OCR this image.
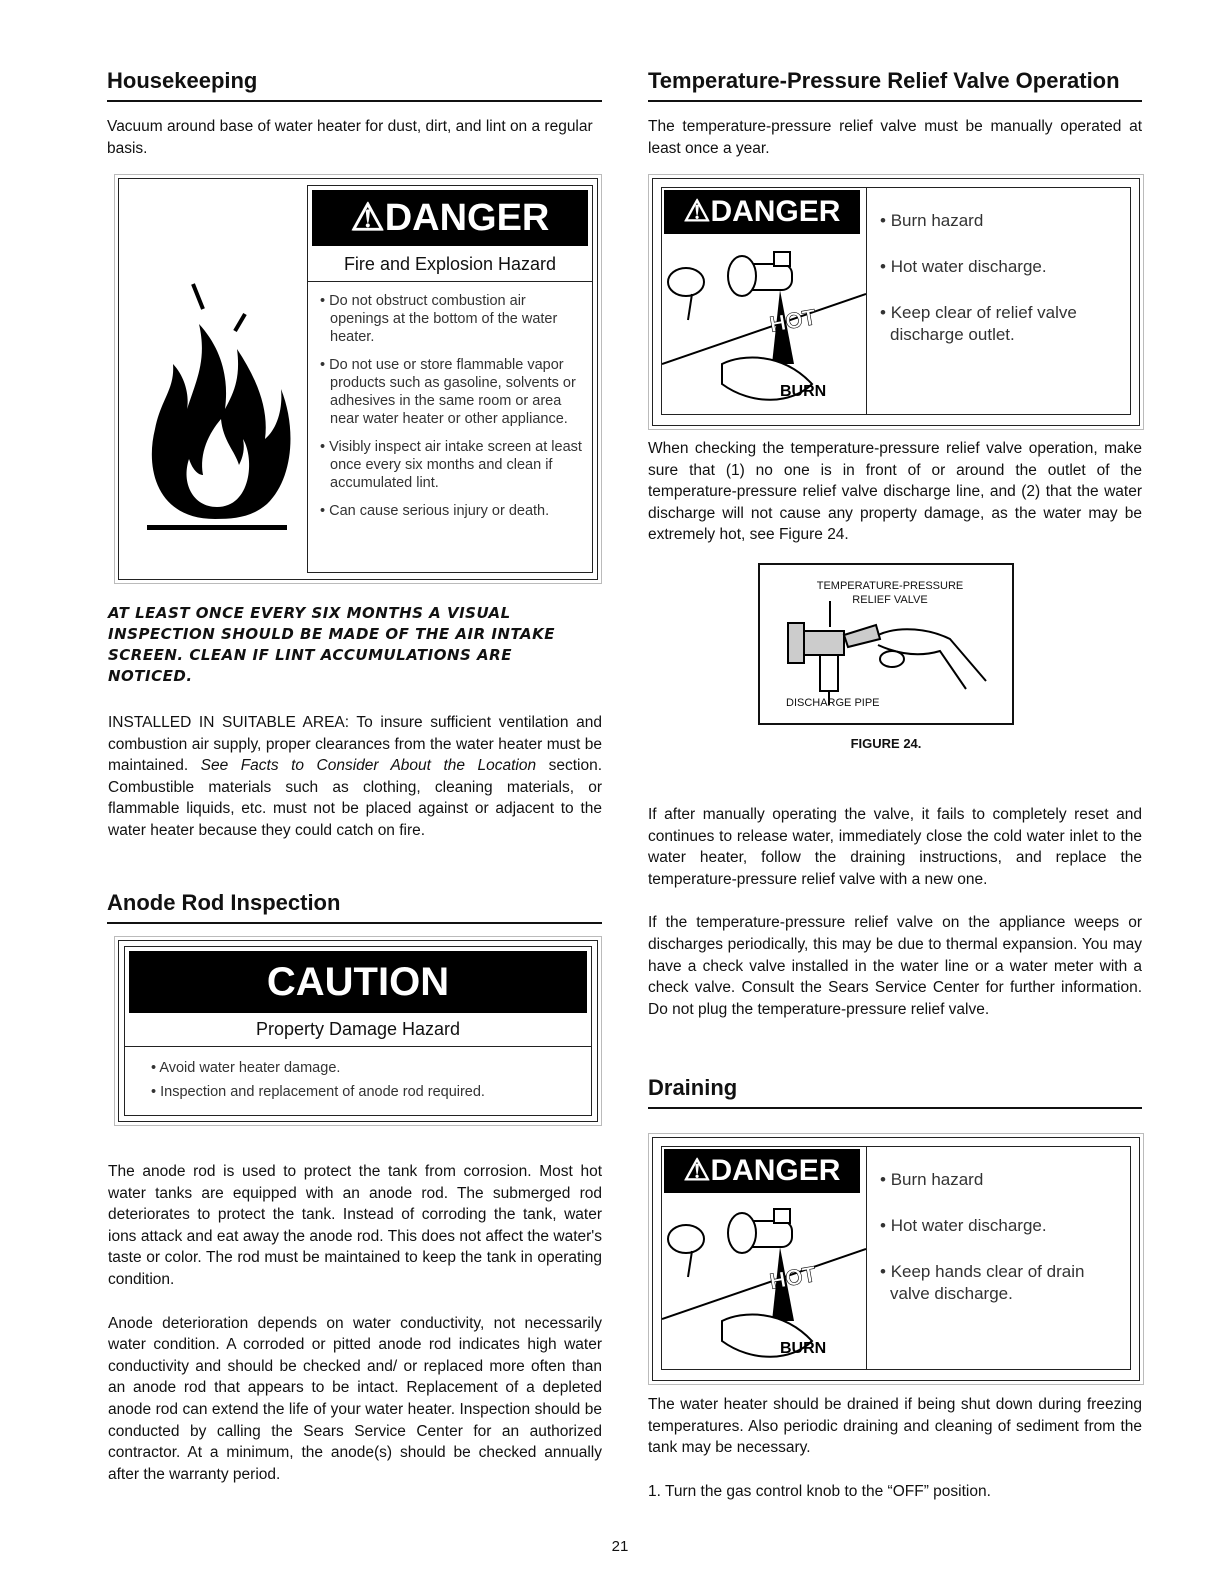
Housekeeping

Vacuum around base of water heater for dust, dirt, and lint on a regular basis.

⚠DANGER
Fire and Explosion Hazard
• Do not obstruct combustion air openings at the bottom of the water heater.
• Do not use or store flammable vapor products such as gasoline, solvents or adhesives in the same room or area near water heater or other appliance.
• Visibly inspect air intake screen at least once every six months and clean if accumulated lint.
• Can cause serious injury or death.
AT LEAST ONCE EVERY SIX MONTHS A VISUAL INSPECTION SHOULD BE MADE OF THE AIR INTAKE SCREEN. CLEAN IF LINT ACCUMULATIONS ARE NOTICED.

INSTALLED IN SUITABLE AREA: To insure sufficient ventilation and combustion air supply, proper clearances from the water heater must be maintained. See Facts to Consider About the Location section. Combustible materials such as clothing, cleaning materials, or flammable liquids, etc. must not be placed against or adjacent to the water heater because they could catch on fire.

Anode Rod Inspection
CAUTION
Property Damage Hazard
• Avoid water heater damage.
• Inspection and replacement of anode rod required.

The anode rod is used to protect the tank from corrosion. Most hot water tanks are equipped with an anode rod. The submerged rod deteriorates to protect the tank. Instead of corroding the tank, water ions attack and eat away the anode rod. This does not affect the water's taste or color. The rod must be maintained to keep the tank in operating condition.

Anode deterioration depends on water conductivity, not necessarily water condition. A corroded or pitted anode rod indicates high water conductivity and should be checked and/ or replaced more often than an anode rod that appears to be intact. Replacement of a depleted anode rod can extend the life of your water heater. Inspection should be conducted by calling the Sears Service Center for an authorized contractor. At a minimum, the anode(s) should be checked annually after the warranty period.

Temperature-Pressure Relief Valve Operation

The temperature-pressure relief valve must be manually operated at least once a year.

⚠DANGER
HOT
BURN
• Burn hazard
• Hot water discharge.
• Keep clear of relief valve discharge outlet.

When checking the temperature-pressure relief valve operation, make sure that (1) no one is in front of or around the outlet of the temperature-pressure relief valve discharge line, and (2) that the water discharge will not cause any property damage, as the water may be extremely hot, see Figure 24.

TEMPERATURE-PRESSURE
RELIEF VALVE
DISCHARGE PIPE
FIGURE 24.

If after manually operating the valve, it fails to completely reset and continues to release water, immediately close the cold water inlet to the water heater, follow the draining instructions, and replace the temperature-pressure relief valve with a new one.

If the temperature-pressure relief valve on the appliance weeps or discharges periodically, this may be due to thermal expansion. You may have a check valve installed in the water line or a water meter with a check valve. Consult the Sears Service Center for further information. Do not plug the temperature-pressure relief valve.

Draining
⚠DANGER
HOT
BURN
• Burn hazard
• Hot water discharge.
• Keep hands clear of drain valve discharge.

The water heater should be drained if being shut down during freezing temperatures. Also periodic draining and cleaning of sediment from the tank may be necessary.

1. Turn the gas control knob to the “OFF” position.

21
